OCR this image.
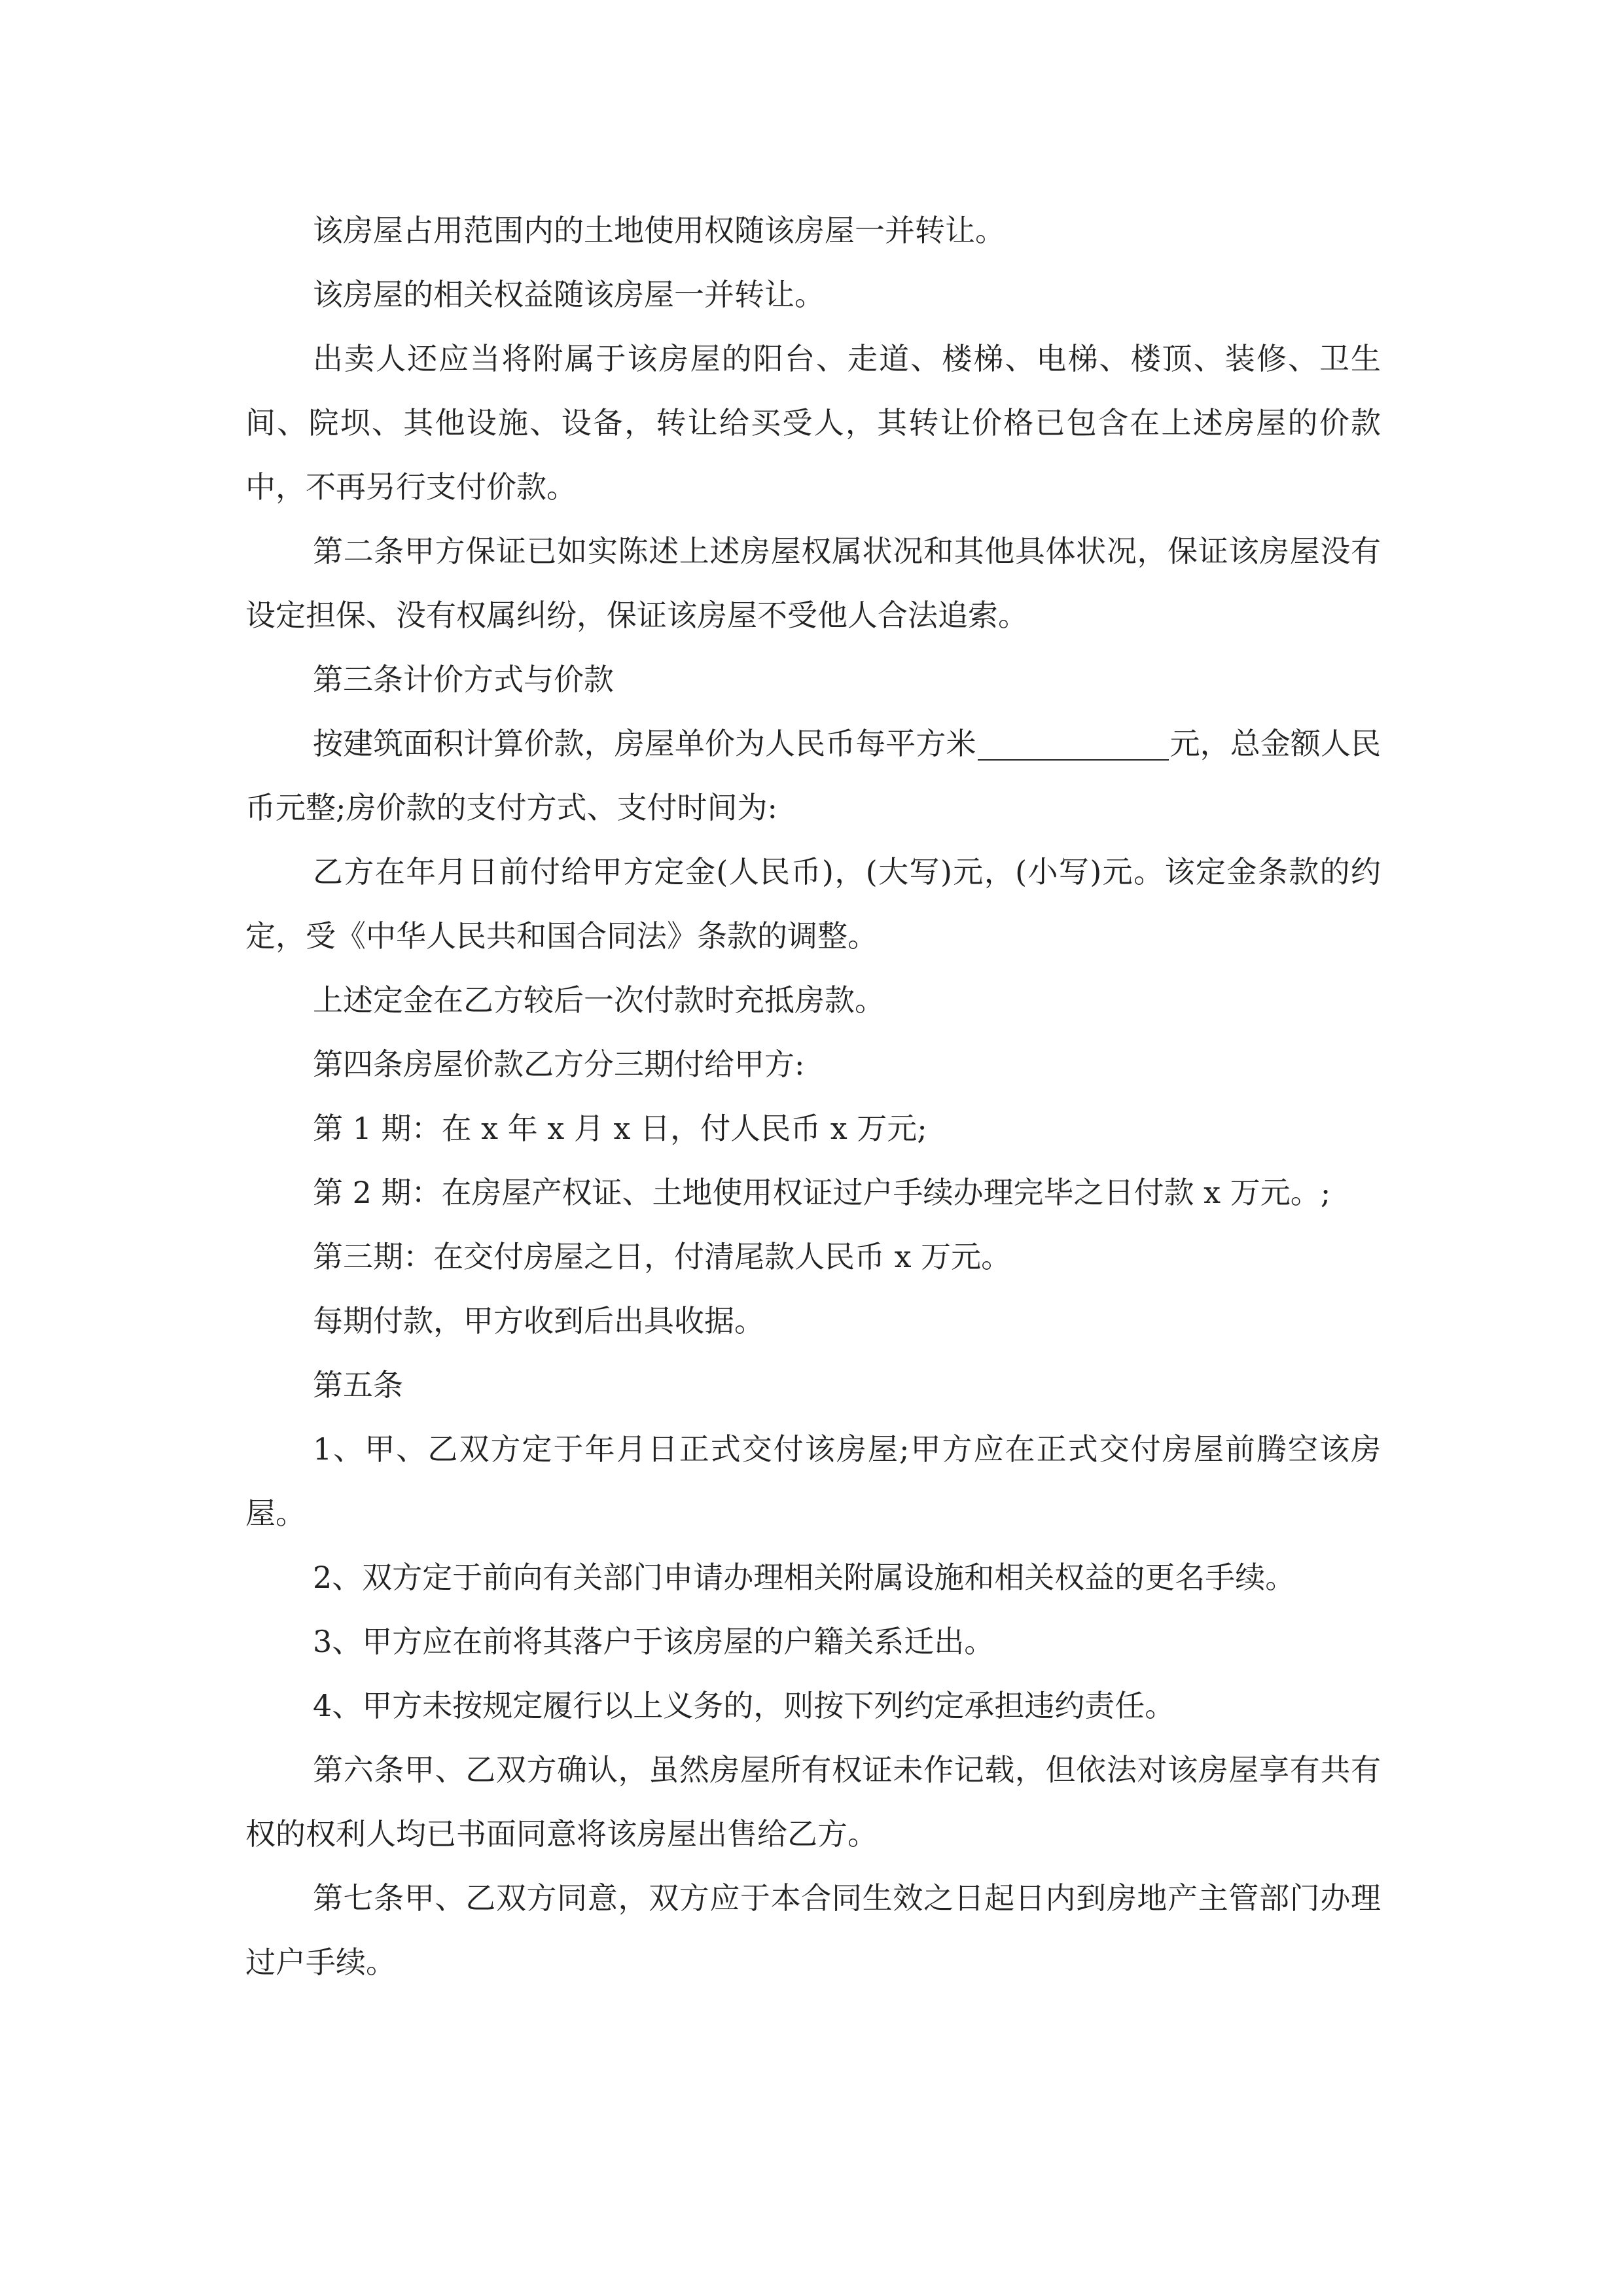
该房屋占用范围内的土地使用权随该房屋一并转让。

该房屋的相关权益随该房屋一并转让。

出卖人还应当将附属于该房屋的阳台、走道、楼梯、电梯、楼顶、装修、卫生间、院坝、其他设施、设备，转让给买受人，其转让价格已包含在上述房屋的价款中，不再另行支付价款。

第二条甲方保证已如实陈述上述房屋权属状况和其他具体状况，保证该房屋没有设定担保、没有权属纠纷，保证该房屋不受他人合法追索。

第三条计价方式与价款

按建筑面积计算价款，房屋单价为人民币每平方米	元，总金额人民币元整;房价款的支付方式、支付时间为:

乙方在年月日前付给甲方定金(人民币)，(大写)元，(小写)元。该定金条款的约定，受《中华人民共和国合同法》条款的调整。

上述定金在乙方较后一次付款时充抵房款。

第四条房屋价款乙方分三期付给甲方:

第 1 期：在 x 年 x 月 x 日，付人民币 x 万元;

第 2 期：在房屋产权证、土地使用权证过户手续办理完毕之日付款 x 万元。;

第三期：在交付房屋之日，付清尾款人民币 x 万元。

每期付款，甲方收到后出具收据。

第五条

1、甲、乙双方定于年月日正式交付该房屋;甲方应在正式交付房屋前腾空该房屋。

2、双方定于前向有关部门申请办理相关附属设施和相关权益的更名手续。

3、甲方应在前将其落户于该房屋的户籍关系迁出。

4、甲方未按规定履行以上义务的，则按下列约定承担违约责任。

第六条甲、乙双方确认，虽然房屋所有权证未作记载，但依法对该房屋享有共有权的权利人均已书面同意将该房屋出售给乙方。

第七条甲、乙双方同意，双方应于本合同生效之日起日内到房地产主管部门办理过户手续。
